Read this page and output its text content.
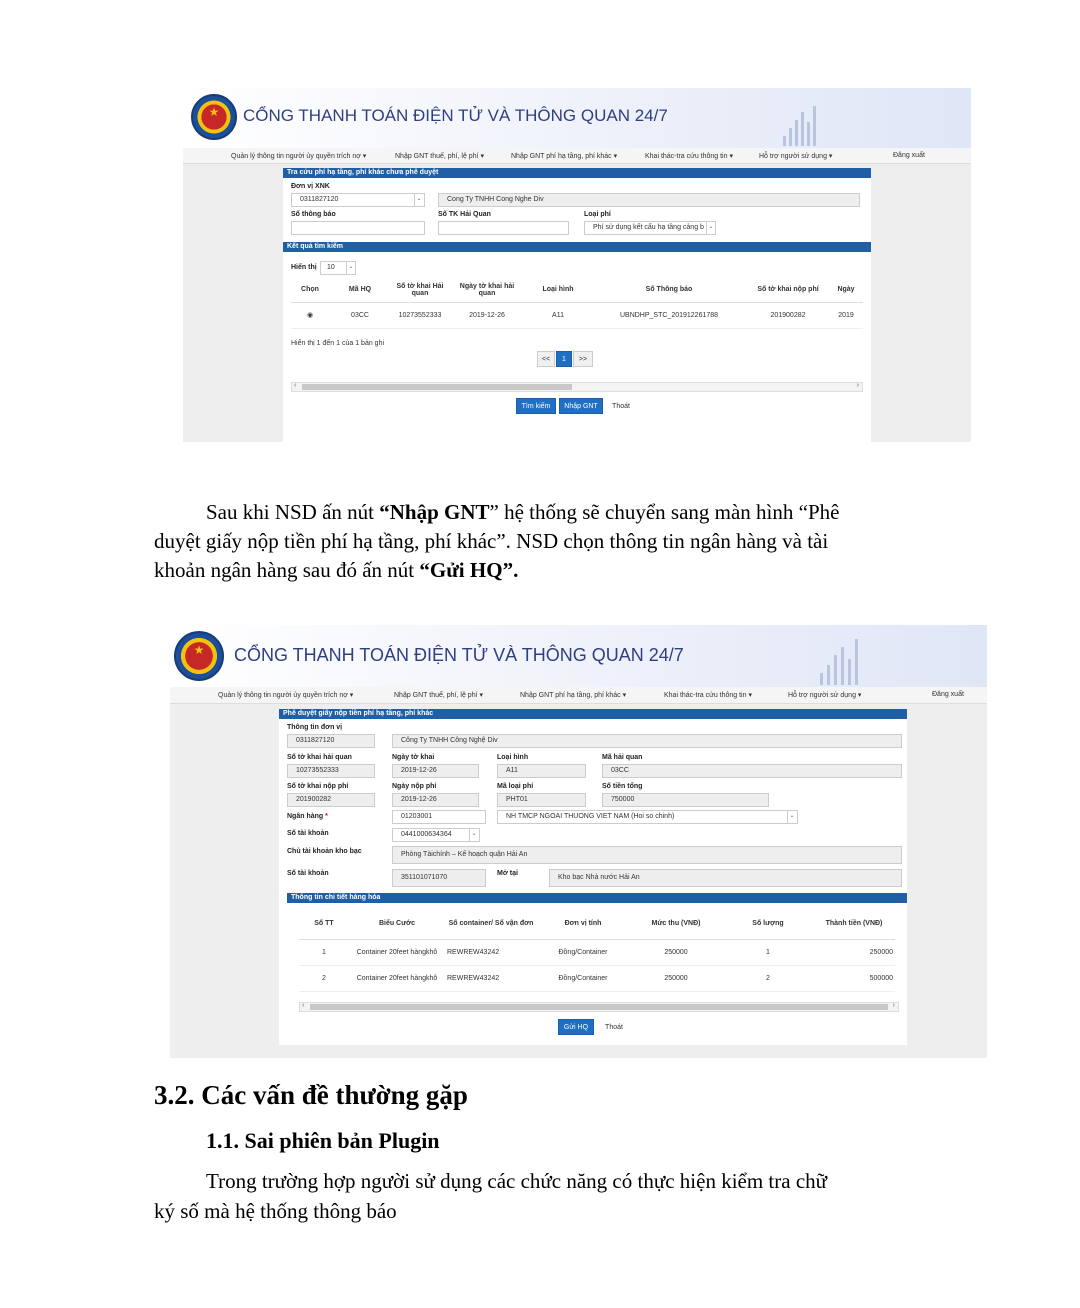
★
CỔNG THANH TOÁN ĐIỆN TỬ VÀ THÔNG QUAN 24/7
Quản lý thông tin người ủy quyền trích nợ ▾	Nhập GNT thuế, phí, lệ phí ▾	Nhập GNT phí hạ tầng, phí khác ▾	Khai thác-tra cứu thông tin ▾	Hỗ trợ người sử dụng ▾	Đăng xuất
Tra cứu phí hạ tầng, phí khác chưa phê duyệt
Đơn vị XNK
0311827120	⌄	Cong Ty TNHH Cong Nghe Div
Số thông báo	Số TK Hải Quan	Loại phí
Phí sử dụng kết cấu hạ tầng cảng b ⌄
Kết quả tìm kiếm
Hiển thị	10	⌄
Chọn	Mã HQ	Số tờ khai Hải quan	Ngày tờ khai hải quan	Loại hình	Số Thông báo	Số tờ khai nộp phí	Ngày
◉	03CC	10273552333	2019-12-26	A11	UBNDHP_STC_201912261788	201900282	2019
Hiển thị 1 đến 1 của 1 bản ghi
<<	1	>>
‹	›
Tìm kiếm	Nhập GNT	Thoát
Sau khi NSD ấn nút “Nhập GNT” hệ thống sẽ chuyển sang màn hình “Phê
duyệt giấy nộp tiền phí hạ tầng, phí khác”. NSD chọn thông tin ngân hàng và tài
khoản ngân hàng sau đó ấn nút “Gửi HQ”.
★
CỔNG THANH TOÁN ĐIỆN TỬ VÀ THÔNG QUAN 24/7
Quản lý thông tin người ủy quyền trích nợ ▾	Nhập GNT thuế, phí, lệ phí ▾	Nhập GNT phí hạ tầng, phí khác ▾	Khai thác-tra cứu thông tin ▾	Hỗ trợ người sử dụng ▾	Đăng xuất
Phê duyệt giấy nộp tiền phí hạ tầng, phí khác
Thông tin đơn vị
0311827120	Công Ty TNHH Công Nghệ Div
Số tờ khai hải quan
10273552333
Ngày tờ khai
2019-12-26
Loại hình
A11
Mã hải quan
03CC
Số tờ khai nộp phí
201900282
Ngày nộp phí
2019-12-26
Mã loại phí
PHT01
Số tiền tổng
750000
Ngân hàng *	01203001	NH TMCP NGOAI THUONG VIET NAM (Hoi so chinh)	⌄
Số tài khoản	0441000634364	⌄
Chủ tài khoản kho bạc	Phòng Tàichính – Kế hoạch quận Hải An
Số tài khoản
351101071070
Mở tại
Kho bạc Nhà nước Hải An
Thông tin chi tiết hàng hóa
Số TT	Biểu Cước	Số container/ Số vận đơn	Đơn vị tính	Mức thu (VNĐ)	Số lượng	Thành tiền (VNĐ)
1	Container 20feet hàngkhô	REWREW43242	Đồng/Container	250000	1	250000
2	Container 20feet hàngkhô	REWREW43242	Đồng/Container	250000	2	500000
‹	›
Gửi HQ	Thoát
3.2. Các vấn đề thường gặp
1.1. Sai phiên bản Plugin
Trong trường hợp người sử dụng các chức năng có thực hiện kiểm tra chữ
ký số mà hệ thống thông báo
